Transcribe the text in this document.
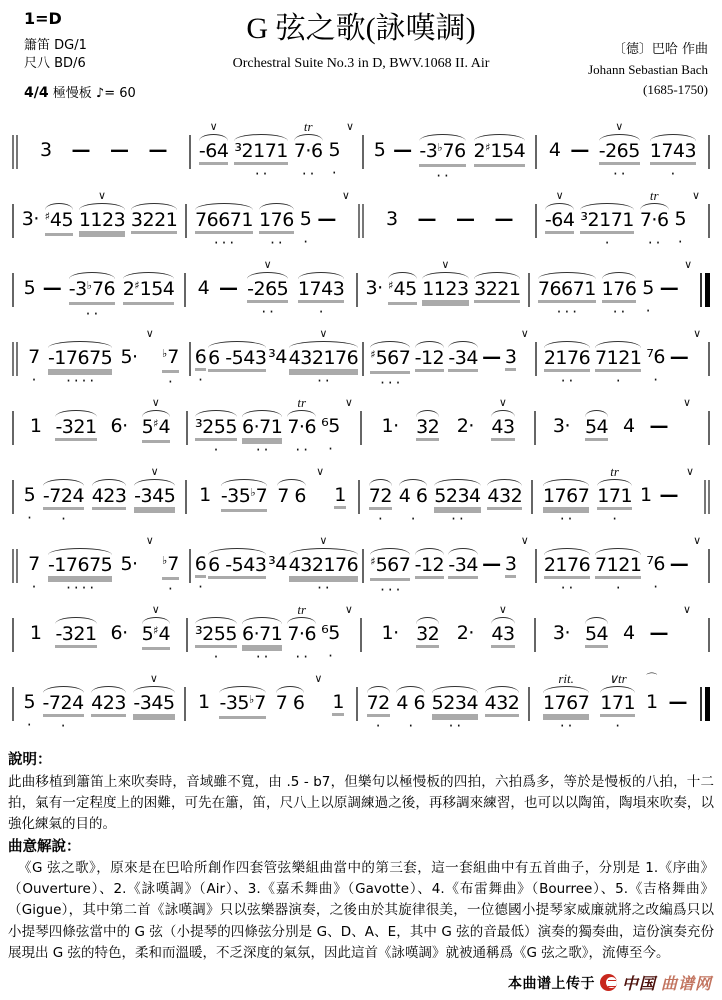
1=D
簫笛 DG/1
尺八 BD/6
4/4 極慢板 ♪= 60
G 弦之歌(詠嘆調)
Orchestral Suite No.3 in D, BWV.1068 II. Air
〔德〕巴哈 作曲
Johann Sebastian Bach
(1685-1750)

3
—
—
—
∨
-64
³2171
··
tr
7·6
··

5
·
∨

5
—
-3♭76
··

2♯154
4
—
∨
-265
··

1743
·

3·
♯45
∨
1123
3221
76671
···

176
··

5
·

—
∨

3
—
—
—
∨
-64
³2171
·
tr
7·6
··

5
·
∨

5
—
-3♭76
··

2♯154
4
—
∨
-265
··

1743
·

3·
♯45
∨
1123
3221
76671
···

176
··

5
·

—
∨

7
·

-17675
····

5·
∨

♭7
·

6
·

6 -543
³4
∨
432176
··

♯567
···

-12
-34
—
3
∨

2176
··

7121
·

⁷6
·

—
∨

1
-321
6·
∨
5♯4
³255
·

6·71
··
tr
7·6
··

⁶5
·
∨

1·
32
2·
∨
43
3·
54
4
—
∨

5
·

-724
·

423
∨
-345
1
-35♭7
7 6
∨

1
72
·

4 6
·

5234
··

432
1767
··
tr
171
·

1
—
∨

7
·

-17675
····

5·
∨

♭7
·

6
·

6 -543
³4
∨
432176
··

♯567
···

-12
-34
—
3
∨

2176
··

7121
·

⁷6
·

—
∨

1
-321
6·
∨
5♯4
³255
·

6·71
··
tr
7·6
··

⁶5
·
∨

1·
32
2·
∨
43
3·
54
4
—
∨

5
·

-724
·

423
∨
-345
1
-35♭7
7 6
∨

1
72
·

4 6
·

5234
··

432
rit.
1767
··
∨tr
171
·
⌒
1
—
說明：

此曲移植到簫笛上來吹奏時，音域雖不寬，由 .5 - b7，但樂句以極慢板的四拍，六拍爲多，等於是慢板的八拍，十二拍，氣有一定程度上的困難，可先在簫，笛，尺八上以原調練過之後，再移調來練習，也可以以陶笛，陶塤來吹奏，以強化練氣的目的。

曲意解說：

《G 弦之歌》，原來是在巴哈所創作四套管弦樂組曲當中的第三套，這一套組曲中有五首曲子，分別是 1.《序曲》（Ouverture）、2.《詠嘆調》（Air）、3.《嘉禾舞曲》（Gavotte）、4.《布雷舞曲》（Bourree）、5.《吉格舞曲》（Gigue），其中第二首《詠嘆調》只以弦樂器演奏，之後由於其旋律很美，一位德國小提琴家威廉就將之改編爲只以小提琴四條弦當中的 G 弦（小提琴的四條弦分別是 G、D、A、E，其中 G 弦的音最低）演奏的獨奏曲，這份演奏充份展現出 G 弦的特色，柔和而溫暖，不乏深度的氣氛，因此這首《詠嘆調》就被通稱爲《G 弦之歌》，流傳至今。

本曲谱上传于 中国 曲谱网
